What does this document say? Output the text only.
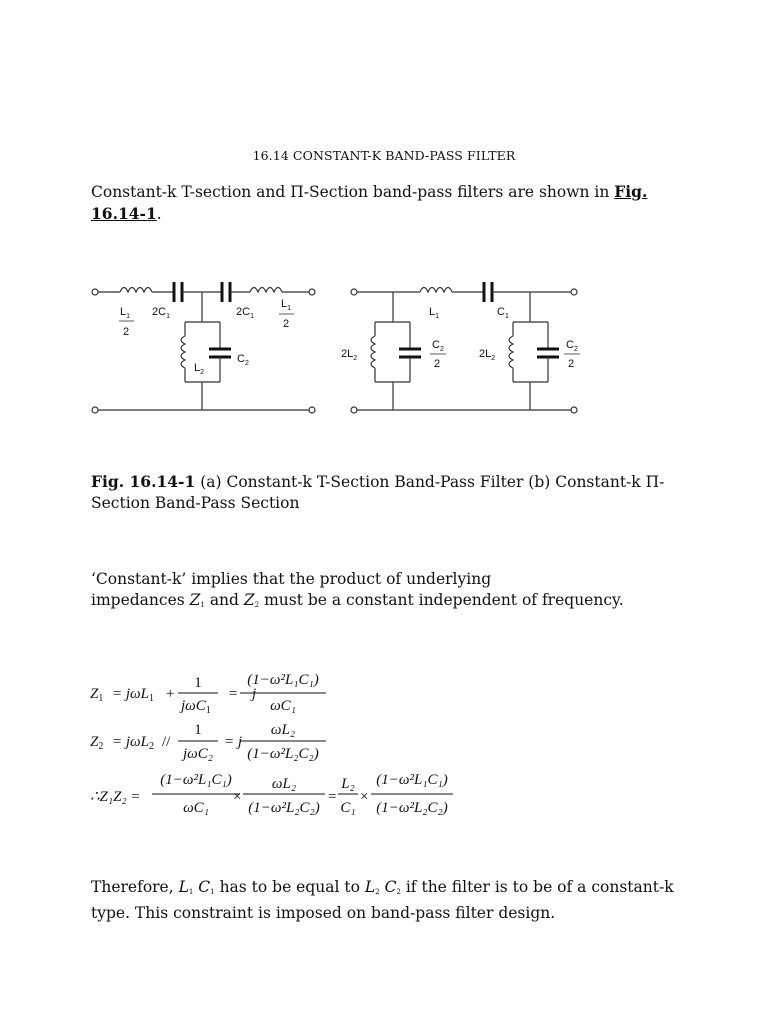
16.14 CONSTANT-K BAND-PASS FILTER
Constant-k T-section and Π-Section band-pass filters are shown in Fig. 16.14-1.
$L_1$
2
$2C_1$	$2C_1$
$L_1$
2
$L_2$
$C_2$
$L_1$	$C_1$
$2L_2$
$C_2$
2
$2L_2$
$C_2$
2
Fig. 16.14-1 (a) Constant-k T-Section Band-Pass Filter (b) Constant-k Π-Section Band-Pass Section
‘Constant-k’ implies that the product of underlying
impedances $Z_1$ and $Z_2$ must be a constant independent of frequency.
$Z_1 = j\omega L_1$ +
1
jωC$_1$
= −j
(1−ω²L₁C₁)
ωC₁
$Z_2 = j\omega L_2$ //
1
jωC₂
= j
ωL₂
(1−ω²L₂C₂)
∴Z₁Z₂ =
(1−ω²L₁C₁)
ωC₁
×
ωL₂
(1−ω²L₂C₂)
=
L₂
C₁
×
(1−ω²L₁C₁)
(1−ω²L₂C₂)
Therefore, $L_1$ $C_1$ has to be equal to $L_2$ $C_2$ if the filter is to be of a constant-k type. This constraint is imposed on band-pass filter design.
